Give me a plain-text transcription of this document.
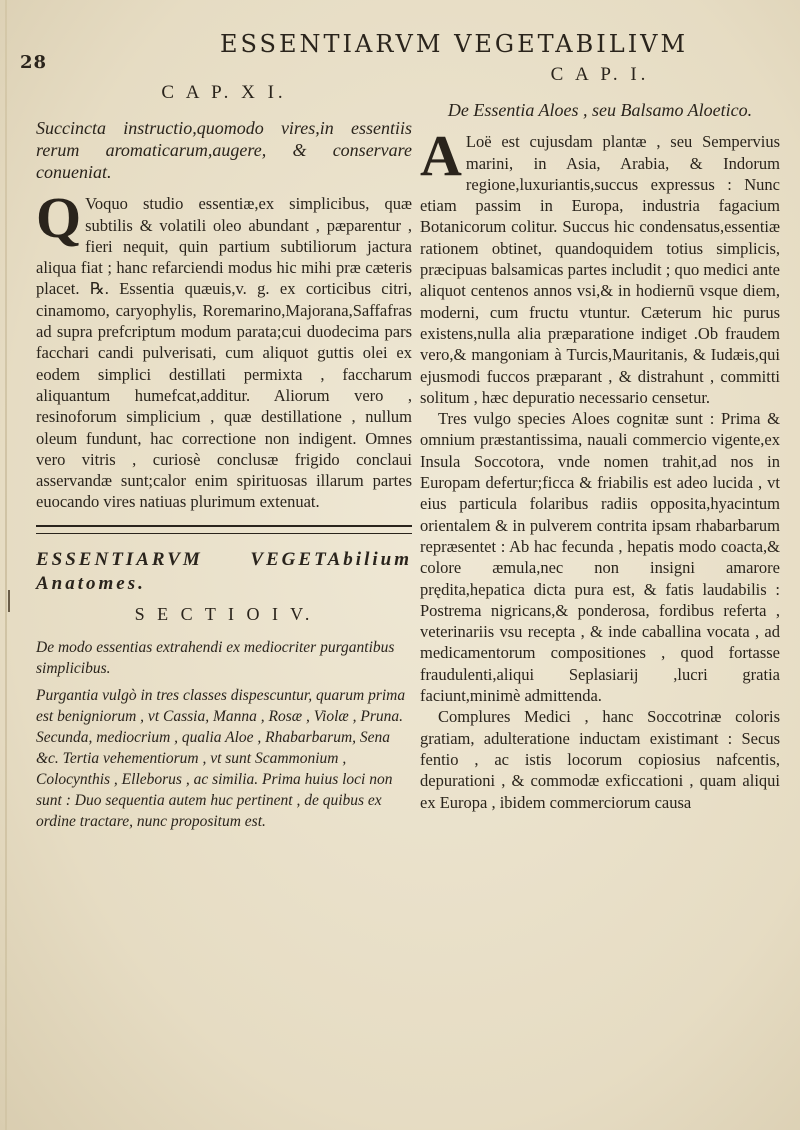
28
ESSENTIARVM VEGETABILIVM
C A P. X I.
Succincta instructio,quomodo vires,in essentiis rerum aromaticarum,augere, & conservare conueniat.
Q Voquo studio essentiæ,ex simplicibus, quæ subtilis & volatili oleo abundant , pæparentur , fieri nequit, quin partium subtiliorum jactura aliqua fiat ; hanc refarciendi modus hic mihi præ cæteris placet. ℞. Essentia quæuis,v. g. ex corticibus citri, cinamomo, caryophylis, Roremarino,Majorana,Saffafras ad supra prefcriptum modum parata;cui duodecima pars facchari candi pulverisati, cum aliquot guttis olei ex eodem simplici destillati permixta , faccharum aliquantum humefcat,additur. Aliorum vero , resinoforum simplicium , quæ destillatione , nullum oleum fundunt, hac correctione non indigent. Omnes vero vitris , curiosè conclusæ frigido conclaui asservandæ sunt;calor enim spirituosas illarum partes euocando vires natiuas plurimum extenuat.
ESSENTIARVM VEGETAbilium Anatomes.
S E C T I O I V.
De modo essentias extrahendi ex mediocriter purgantibus simplicibus.
Purgantia vulgò in tres classes dispescuntur, quarum prima est benigniorum , vt Cassia, Manna , Rosæ , Violæ , Pruna. Secunda, mediocrium , qualia Aloe , Rhabarbarum, Sena &c. Tertia vehementiorum , vt sunt Scammonium , Colocynthis , Elleborus , ac similia. Prima huius loci non sunt : Duo sequentia autem huc pertinent , de quibus ex ordine tractare, nunc propositum est.
C A P. I.
De Essentia Aloes , seu Balsamo Aloetico.
A Loë est cujusdam plantæ , seu Sempervius marini, in Asia, Arabia, & Indorum regione,luxuriantis,succus expressus : Nunc etiam passim in Europa, industria fagacium Botanicorum colitur. Succus hic condensatus,essentiæ rationem obtinet, quandoquidem totius simplicis, præcipuas balsamicas partes includit ; quo medici ante aliquot centenos annos vsi,& in hodiernū vsque diem, moderni, cum fructu vtuntur. Cæterum hic purus existens,nulla alia præparatione indiget .Ob fraudem vero,& mangoniam à Turcis,Mauritanis, & Iudæis,qui ejusmodi fuccos præparant , & distrahunt , committi solitum , hæc depuratio necessario censetur.

Tres vulgo species Aloes cognitæ sunt : Prima & omnium præstantissima, nauali commercio vigente,ex Insula Soccotora, vnde nomen trahit,ad nos in Europam defertur;ficca & friabilis est adeo lucida , vt eius particula folaribus radiis opposita,hyacintum orientalem & in pulverem contrita ipsam rhabarbarum repræsentet : Ab hac fecunda , hepatis modo coacta,& colore æmula,nec non insigni amarore prędita,hepatica dicta pura est, & fatis laudabilis : Postrema nigricans,& ponderosa, fordibus referta , veterinariis vsu recepta , & inde caballina vocata , ad medicamentorum compositiones , quod fortasse fraudulenti,aliqui Seplasiarij ,lucri gratia faciunt,minimè admittenda.

Complures Medici , hanc Soccotrinæ coloris gratiam, adulteratione inductam existimant : Secus fentio , ac istis locorum copiosius nafcentis, depurationi , & commodæ exficcationi , quam aliqui ex Europa , ibidem commerciorum causa
